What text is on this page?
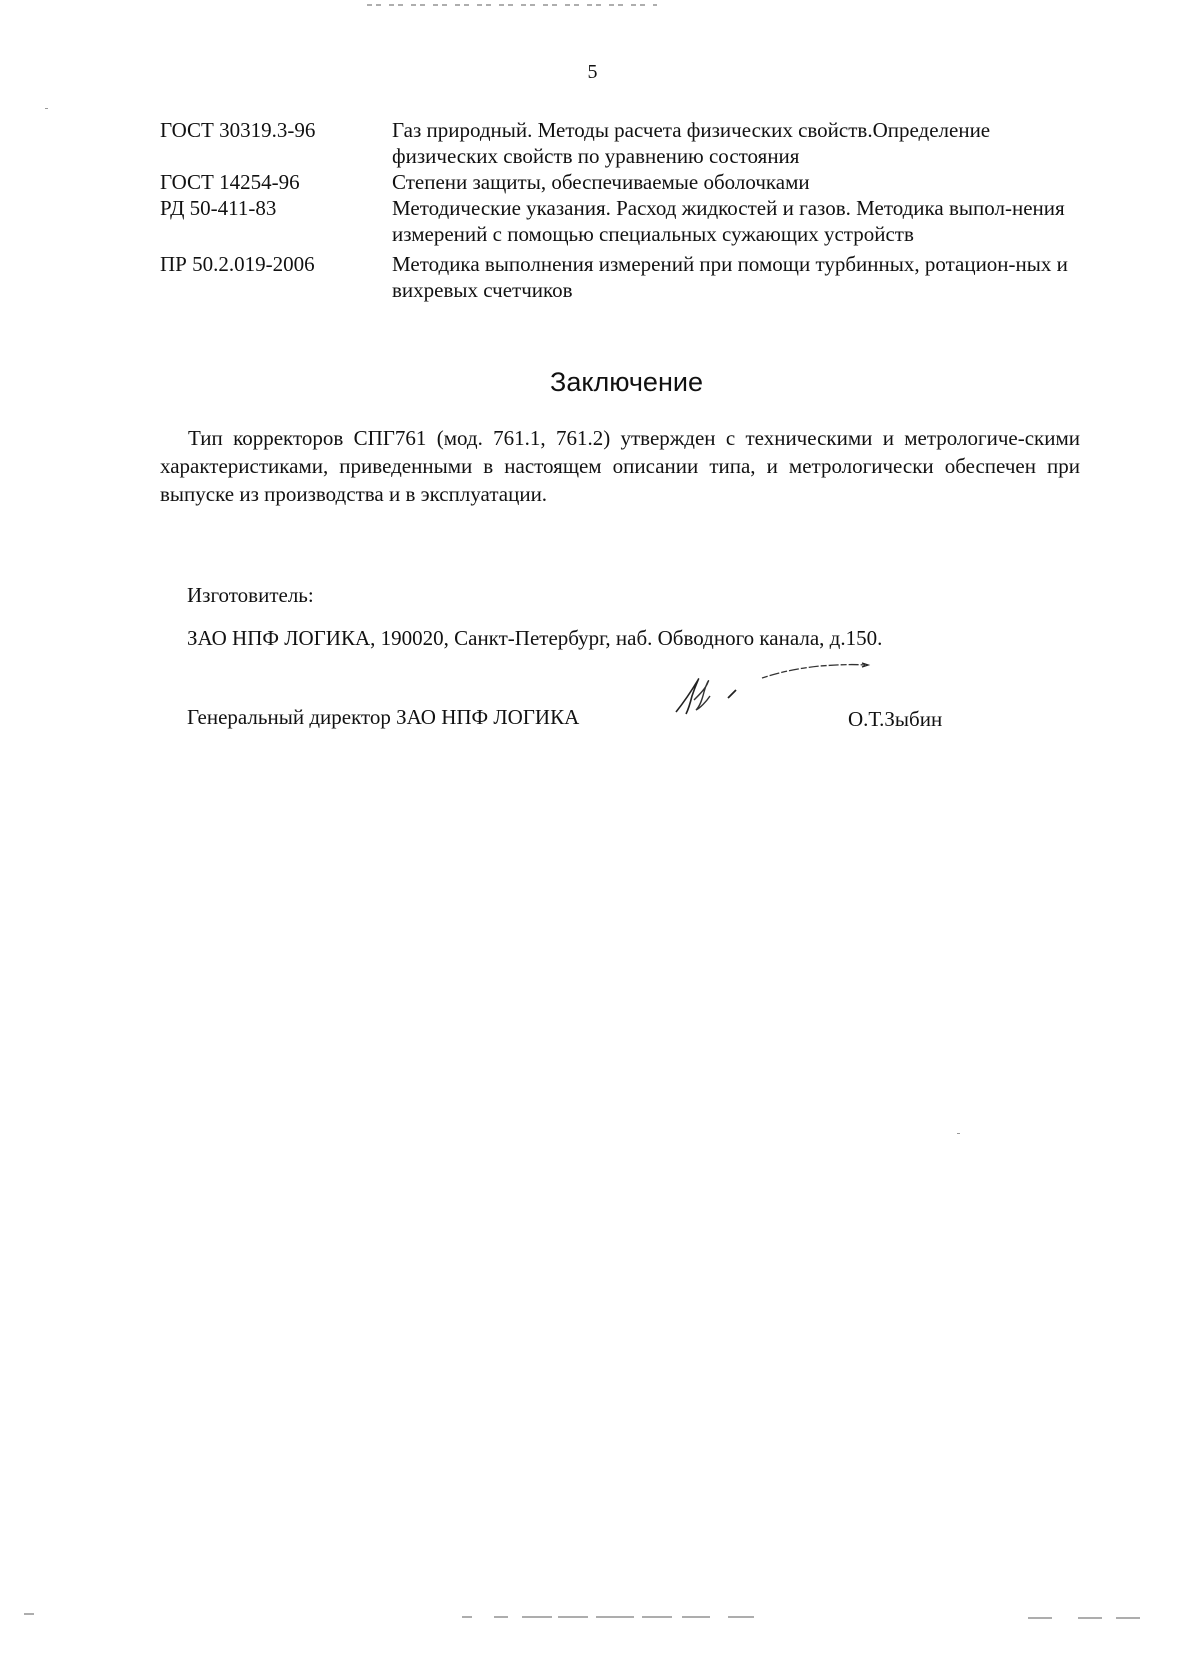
5
ГОСТ 30319.3-96	Газ природный. Методы расчета физических свойств.Определение физических свойств по уравнению состояния
ГОСТ 14254-96	Степени защиты, обеспечиваемые оболочками
РД 50-411-83	Методические указания. Расход жидкостей и газов. Методика выпол-нения измерений с помощью специальных сужающих устройств
ПР 50.2.019-2006	Методика выполнения измерений при помощи турбинных, ротацион-ных и вихревых счетчиков
Заключение
Тип корректоров СПГ761 (мод. 761.1, 761.2) утвержден с техническими и метрологиче-скими характеристиками, приведенными в настоящем описании типа, и метрологически обеспечен при выпуске из производства и в эксплуатации.
Изготовитель:
ЗАО НПФ ЛОГИКА, 190020, Санкт-Петербург, наб. Обводного канала, д.150.
Генеральный директор ЗАО НПФ ЛОГИКА	О.Т.Зыбин
